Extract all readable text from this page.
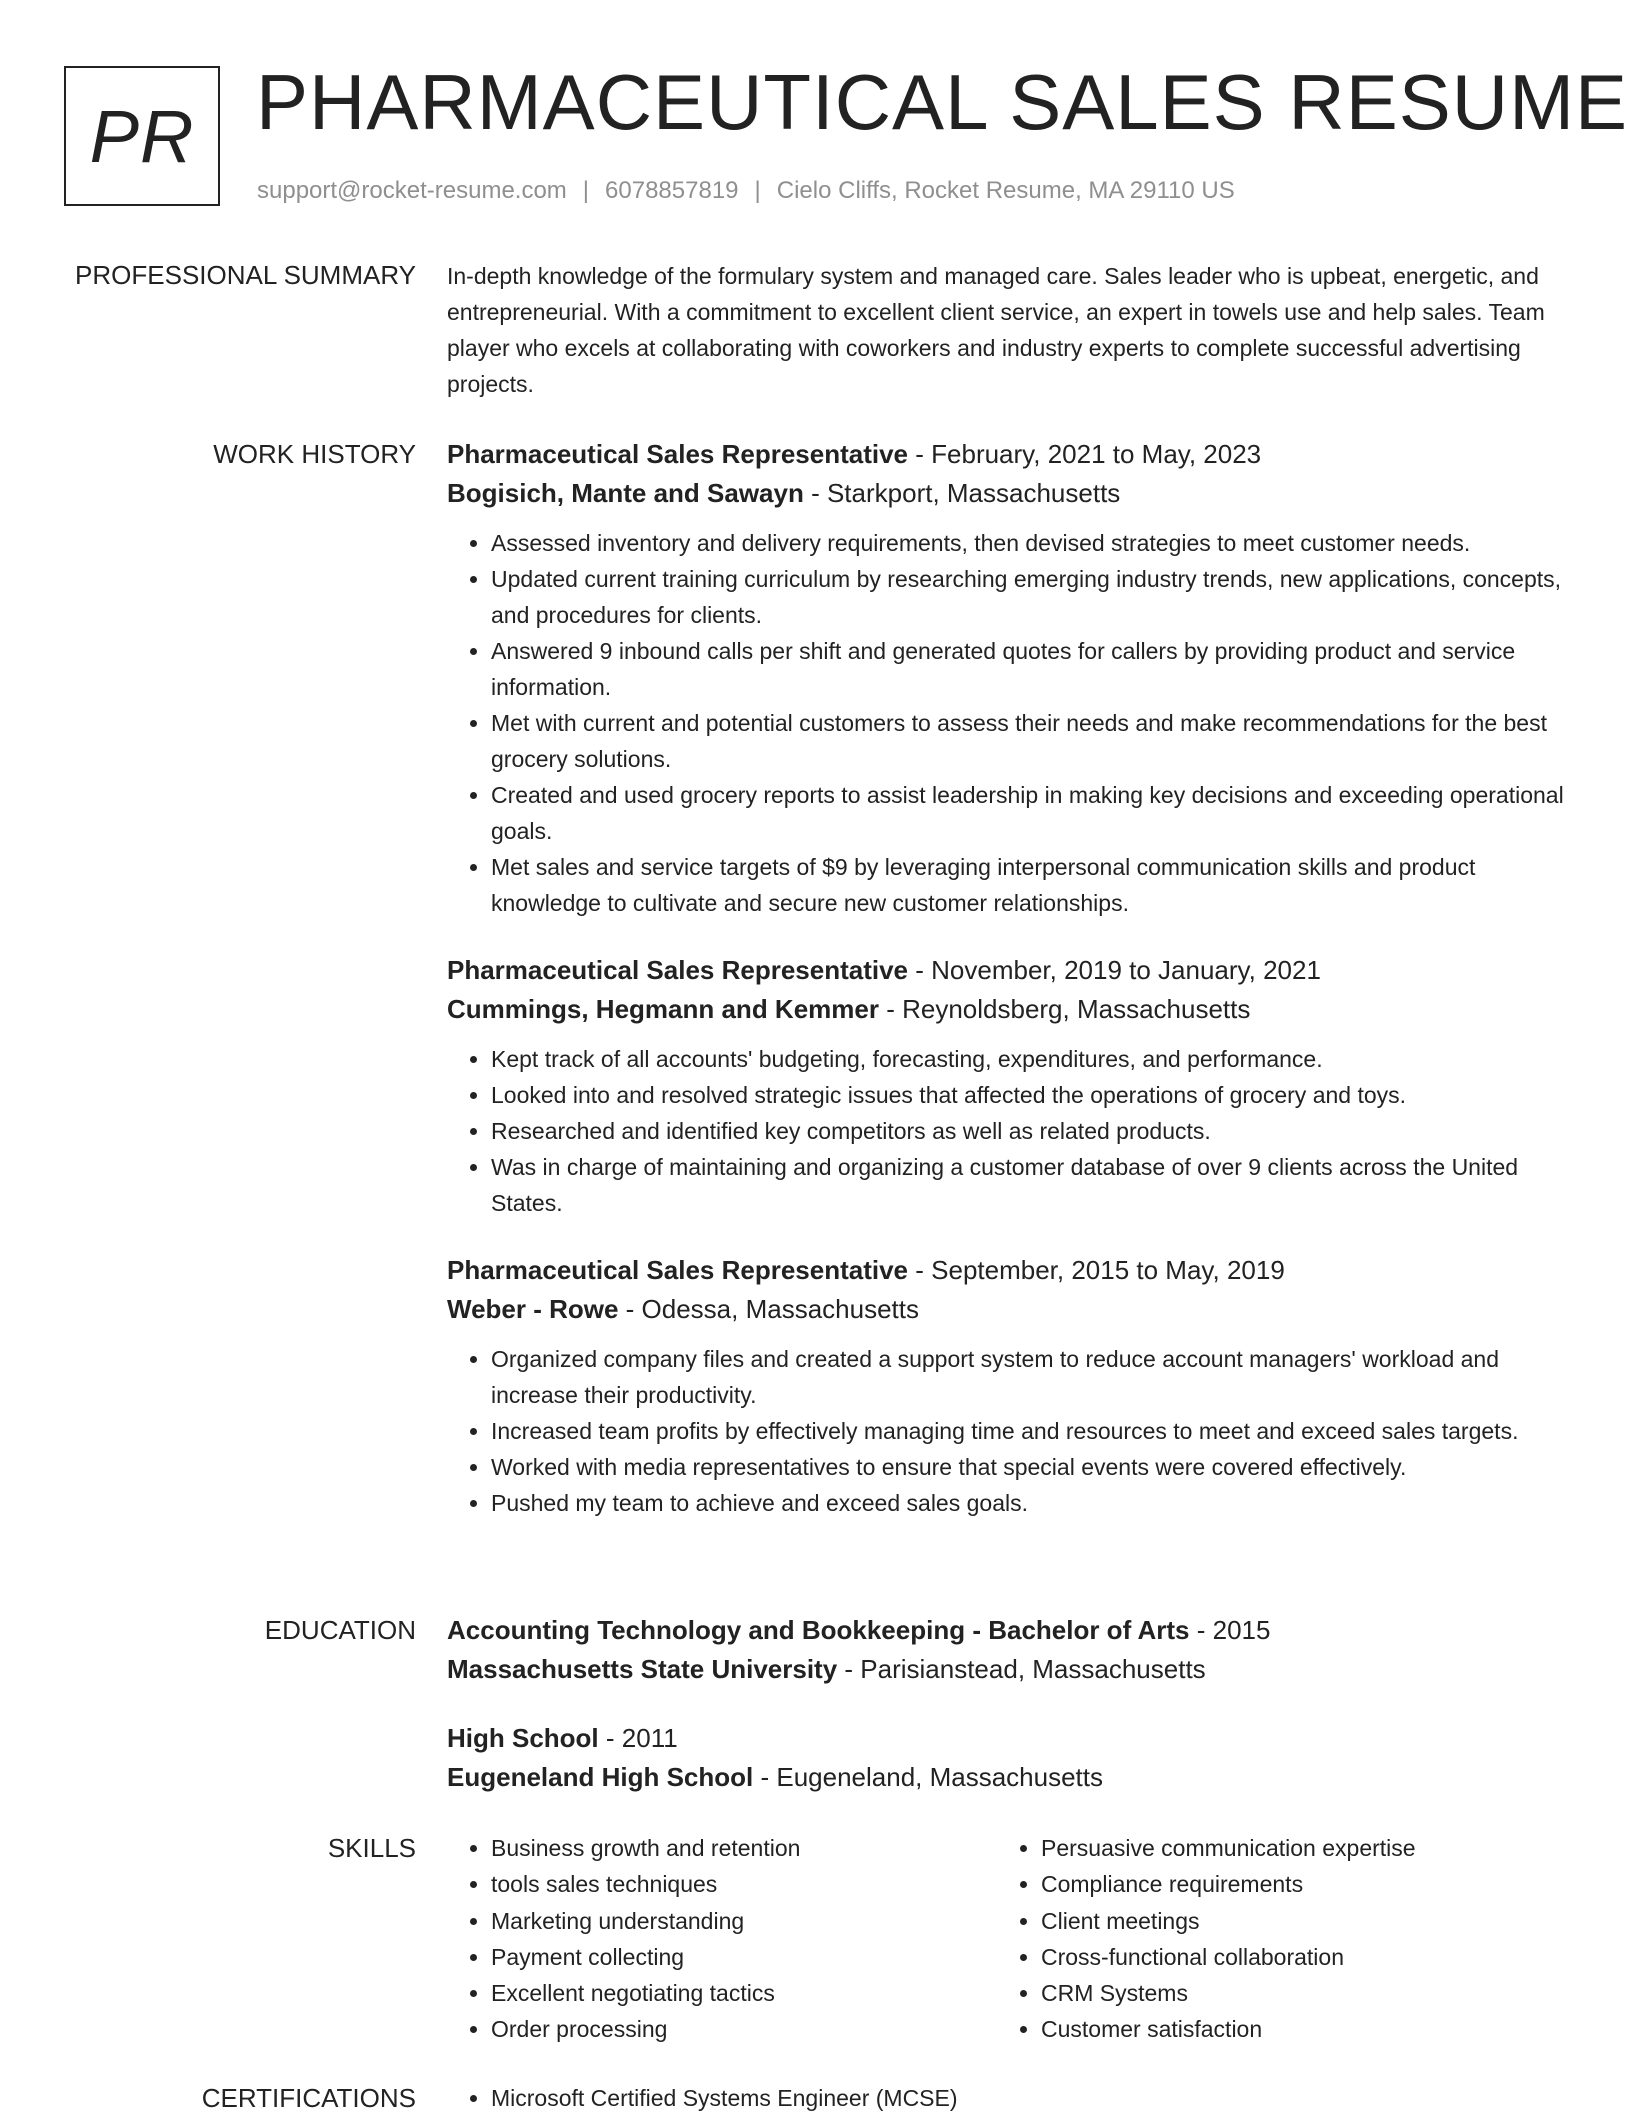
PR PHARMACEUTICAL SALES RESUME
support@rocket-resume.com | 6078857819 | Cielo Cliffs, Rocket Resume, MA 29110 US
PROFESSIONAL SUMMARY In-depth knowledge of the formulary system and managed care. Sales leader who is upbeat, energetic, and entrepreneurial. With a commitment to excellent client service, an expert in towels use and help sales. Team player who excels at collaborating with coworkers and industry experts to complete successful advertising projects.

WORK HISTORY Pharmaceutical Sales Representative - February, 2021 to May, 2023

Bogisich, Mante and Sawayn - Starkport, Massachusetts

• Assessed inventory and delivery requirements, then devised strategies to meet customer needs.
• Updated current training curriculum by researching emerging industry trends, new applications, concepts, and procedures for clients.
• Answered 9 inbound calls per shift and generated quotes for callers by providing product and service information.
• Met with current and potential customers to assess their needs and make recommendations for the best grocery solutions.
• Created and used grocery reports to assist leadership in making key decisions and exceeding operational goals.
• Met sales and service targets of $9 by leveraging interpersonal communication skills and product knowledge to cultivate and secure new customer relationships.

Pharmaceutical Sales Representative - November, 2019 to January, 2021

Cummings, Hegmann and Kemmer - Reynoldsberg, Massachusetts

• Kept track of all accounts' budgeting, forecasting, expenditures, and performance.
• Looked into and resolved strategic issues that affected the operations of grocery and toys.
• Researched and identified key competitors as well as related products.
• Was in charge of maintaining and organizing a customer database of over 9 clients across the United States.

Pharmaceutical Sales Representative - September, 2015 to May, 2019

Weber - Rowe - Odessa, Massachusetts

• Organized company files and created a support system to reduce account managers' workload and increase their productivity.
• Increased team profits by effectively managing time and resources to meet and exceed sales targets.
• Worked with media representatives to ensure that special events were covered effectively.
• Pushed my team to achieve and exceed sales goals.
EDUCATION Accounting Technology and Bookkeeping - Bachelor of Arts - 2015

Massachusetts State University - Parisianstead, Massachusetts

High School - 2011

Eugeneland High School - Eugeneland, Massachusetts

SKILLS	• Business growth and retention
• tools sales techniques
• Marketing understanding
• Payment collecting
• Excellent negotiating tactics
• Order processing
• Persuasive communication expertise
• Compliance requirements
• Client meetings
• Cross-functional collaboration
• CRM Systems
• Customer satisfaction
CERTIFICATIONS	• Microsoft Certified Systems Engineer (MCSE)
